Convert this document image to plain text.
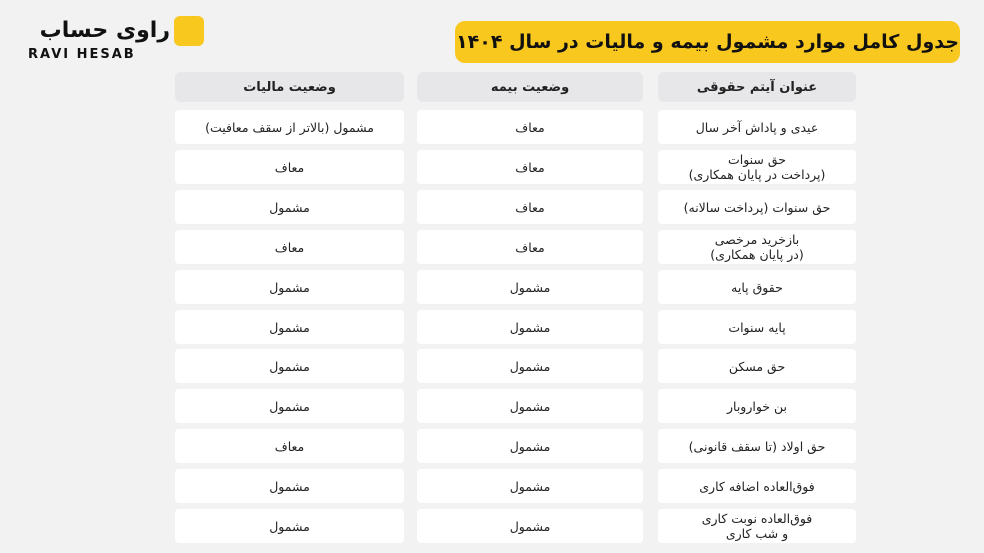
راوی حساب
RAVI HESAB
جدول کامل موارد مشمول بیمه و مالیات در سال ۱۴۰۴
عنوان آیتم حقوقی
وضعیت بیمه
وضعیت مالیات
عیدی و پاداش آخر سال
معاف
مشمول (بالاتر از سقف معافیت)
حق سنوات
(پرداخت در پایان همکاری)
معاف
معاف
حق سنوات (پرداخت سالانه)
معاف
مشمول
بازخرید مرخصی
(در پایان همکاری)
معاف
معاف
حقوق پایه
مشمول
مشمول
پایه سنوات
مشمول
مشمول
حق مسکن
مشمول
مشمول
بن خواروبار
مشمول
مشمول
حق اولاد (تا سقف قانونی)
مشمول
معاف
فوق‌العاده اضافه کاری
مشمول
مشمول
فوق‌العاده نوبت کاری
و شب کاری
مشمول
مشمول
